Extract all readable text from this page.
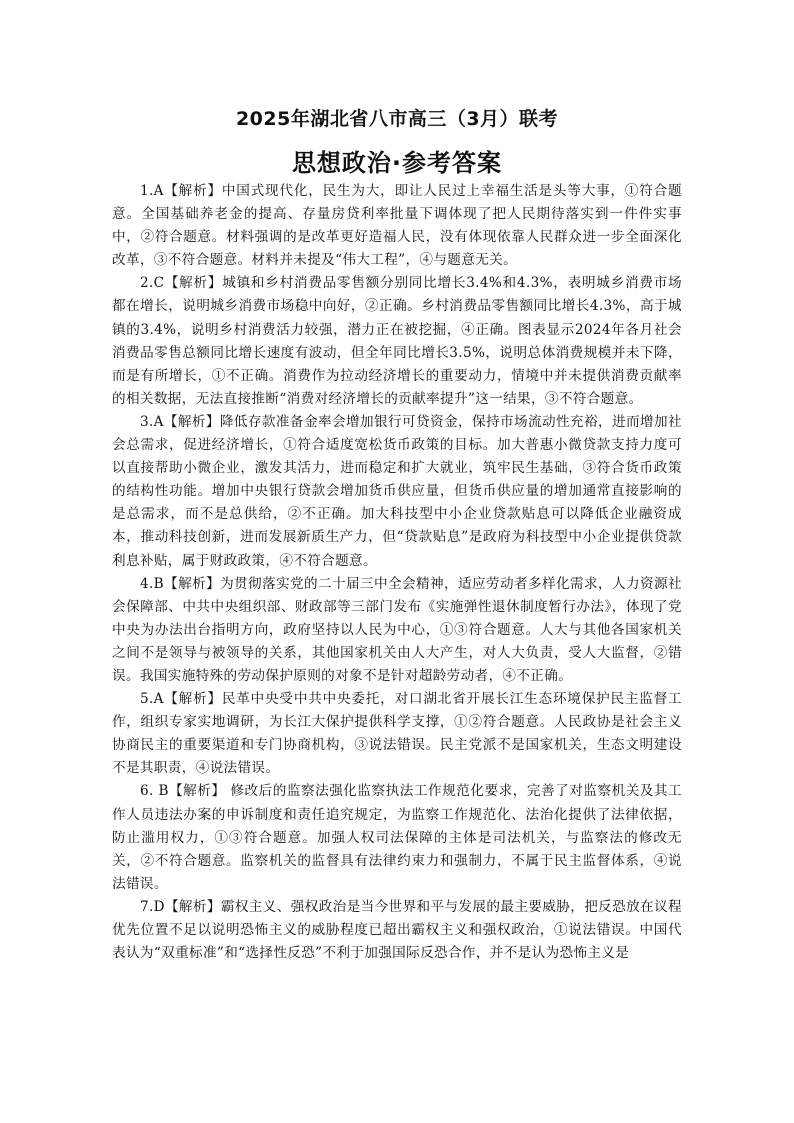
2025年湖北省八市高三（3月）联考
思想政治·参考答案

1.A【解析】中国式现代化，民生为大，即让人民过上幸福生活是头等大事，①符合题意。全国基础养老金的提高、存量房贷利率批量下调体现了把人民期待落实到一件件实事中，②符合题意。材料强调的是改革更好造福人民，没有体现依靠人民群众进一步全面深化改革，③不符合题意。材料并未提及“伟大工程”，④与题意无关。

2.C【解析】城镇和乡村消费品零售额分别同比增长3.4%和4.3%，表明城乡消费市场都在增长，说明城乡消费市场稳中向好，②正确。乡村消费品零售额同比增长4.3%，高于城镇的3.4%，说明乡村消费活力较强，潜力正在被挖掘，④正确。图表显示2024年各月社会消费品零售总额同比增长速度有波动，但全年同比增长3.5%，说明总体消费规模并未下降，而是有所增长，①不正确。消费作为拉动经济增长的重要动力，情境中并未提供消费贡献率的相关数据，无法直接推断“消费对经济增长的贡献率提升”这一结果，③不符合题意。

3.A【解析】降低存款准备金率会增加银行可贷资金，保持市场流动性充裕，进而增加社会总需求，促进经济增长，①符合适度宽松货币政策的目标。加大普惠小微贷款支持力度可以直接帮助小微企业，激发其活力，进而稳定和扩大就业，筑牢民生基础，③符合货币政策的结构性功能。增加中央银行贷款会增加货币供应量，但货币供应量的增加通常直接影响的是总需求，而不是总供给，②不正确。加大科技型中小企业贷款贴息可以降低企业融资成本，推动科技创新，进而发展新质生产力，但“贷款贴息”是政府为科技型中小企业提供贷款利息补贴，属于财政政策，④不符合题意。

4.B【解析】为贯彻落实党的二十届三中全会精神，适应劳动者多样化需求，人力资源社会保障部、中共中央组织部、财政部等三部门发布《实施弹性退休制度暂行办法》，体现了党中央为办法出台指明方向，政府坚持以人民为中心，①③符合题意。人大与其他各国家机关之间不是领导与被领导的关系，其他国家机关由人大产生，对人大负责，受人大监督，②错误。我国实施特殊的劳动保护原则的对象不是针对超龄劳动者，④不正确。

5.A【解析】民革中央受中共中央委托，对口湖北省开展长江生态环境保护民主监督工作，组织专家实地调研，为长江大保护提供科学支撑，①②符合题意。人民政协是社会主义协商民主的重要渠道和专门协商机构，③说法错误。民主党派不是国家机关，生态文明建设不是其职责，④说法错误。

6. B【解析】 修改后的监察法强化监察执法工作规范化要求，完善了对监察机关及其工作人员违法办案的申诉制度和责任追究规定，为监察工作规范化、法治化提供了法律依据，防止滥用权力，①③符合题意。加强人权司法保障的主体是司法机关，与监察法的修改无关，②不符合题意。监察机关的监督具有法律约束力和强制力，不属于民主监督体系，④说法错误。

7.D【解析】霸权主义、强权政治是当今世界和平与发展的最主要威胁，把反恐放在议程优先位置不足以说明恐怖主义的威胁程度已超出霸权主义和强权政治，①说法错误。中国代表认为“双重标准”和“选择性反恐”不利于加强国际反恐合作，并不是认为恐怖主义是
